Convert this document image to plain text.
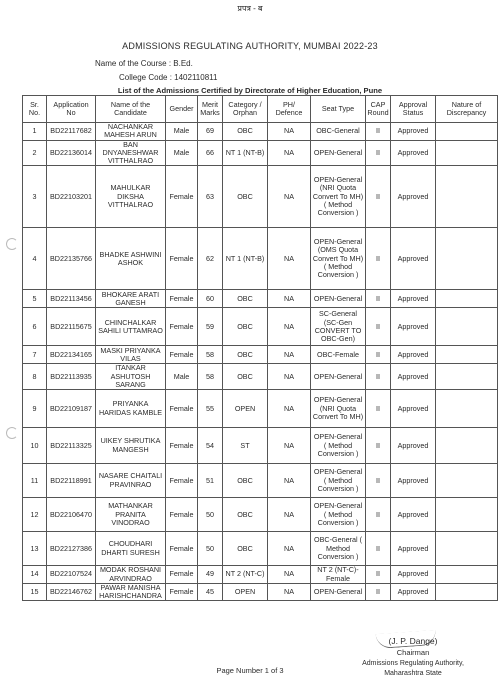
प्रपत्र - ब
ADMISSIONS REGULATING AUTHORITY, MUMBAI 2022-23
Name of the Course : B.Ed.
College Code : 1402110811
List of the Admissions Certified by Directorate of Higher Education, Pune
Sr. No.	Application No	Name of the Candidate	Gender	Merit Marks	Category / Orphan	PH/ Defence	Seat Type	CAP Round	Approval Status	Nature of Discrepancy
1	BD22117682	NACHANKAR MAHESH ARUN	Male	69	OBC	NA	OBC-General	II	Approved	
2	BD22136014	BAN DNYANESHWAR VITTHALRAO	Male	66	NT 1 (NT-B)	NA	OPEN-General	II	Approved	
3	BD22103201	MAHULKAR DIKSHA VITTHALRAO	Female	63	OBC	NA	OPEN-General (NRI Quota Convert To MH) ( Method Conversion )	II	Approved	
4	BD22135766	BHADKE ASHWINI ASHOK	Female	62	NT 1 (NT-B)	NA	OPEN-General (OMS Quota Convert To MH) ( Method Conversion )	II	Approved	
5	BD22113456	BHOKARE ARATI GANESH	Female	60	OBC	NA	OPEN-General	II	Approved	
6	BD22115675	CHINCHALKAR SAHILI UTTAMRAO	Female	59	OBC	NA	SC-General (SC-Gen CONVERT TO OBC-Gen)	II	Approved	
7	BD22134165	MASKI PRIYANKA VILAS	Female	58	OBC	NA	OBC-Female	II	Approved	
8	BD22113935	ITANKAR ASHUTOSH SARANG	Male	58	OBC	NA	OPEN-General	II	Approved	
9	BD22109187	PRIYANKA HARIDAS KAMBLE	Female	55	OPEN	NA	OPEN-General (NRI Quota Convert To MH)	II	Approved	
10	BD22113325	UIKEY SHRUTIKA MANGESH	Female	54	ST	NA	OPEN-General ( Method Conversion )	II	Approved	
11	BD22118991	NASARE CHAITALI PRAVINRAO	Female	51	OBC	NA	OPEN-General ( Method Conversion )	II	Approved	
12	BD22106470	MATHANKAR PRANITA VINODRAO	Female	50	OBC	NA	OPEN-General ( Method Conversion )	II	Approved	
13	BD22127386	CHOUDHARI DHARTI SURESH	Female	50	OBC	NA	OBC-General ( Method Conversion )	II	Approved	
14	BD22107524	MODAK ROSHANI ARVINDRAO	Female	49	NT 2 (NT-C)	NA	NT 2 (NT-C)-Female	II	Approved	
15	BD22146762	PAWAR MANISHA HARISHCHANDRA	Female	45	OPEN	NA	OPEN-General	II	Approved	
(J. P. Dange)
Chairman
Admissions Regulating Authority,
Maharashtra State
Page Number 1 of 3
